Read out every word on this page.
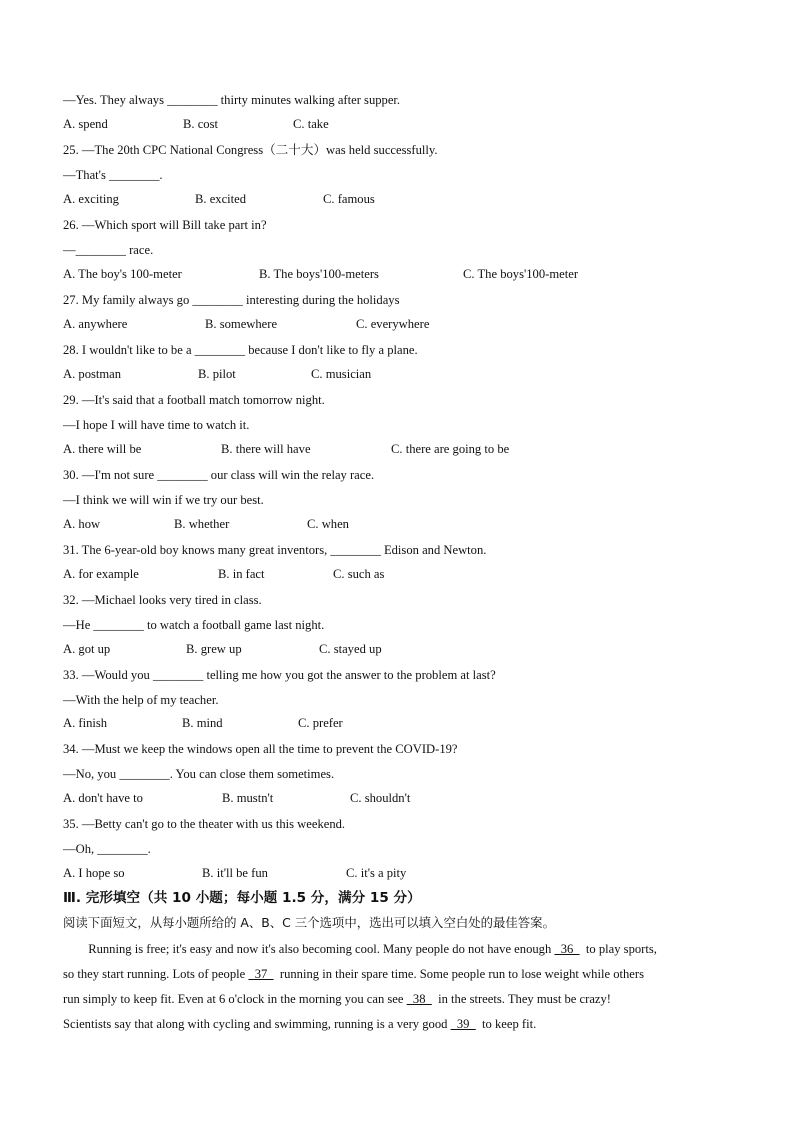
—Yes. They always ________ thirty minutes walking after supper.
A. spend	B. cost	C. take
25. —The 20th CPC National Congress（二十大）was held successfully.
—That's ________.
A. exciting	B. excited	C. famous
26. —Which sport will Bill take part in?
—________ race.
A. The boy's 100-meter	B. The boys'100-meters	C. The boys'100-meter
27. My family always go ________ interesting during the holidays
A. anywhere	B. somewhere	C. everywhere
28. I wouldn't like to be a ________ because I don't like to fly a plane.
A. postman	B. pilot	C. musician
29. —It's said that a football match tomorrow night.
—I hope I will have time to watch it.
A. there will be	B. there will have	C. there are going to be
30. —I'm not sure ________ our class will win the relay race.
—I think we will win if we try our best.
A. how	B. whether	C. when
31. The 6-year-old boy knows many great inventors, ________ Edison and Newton.
A. for example	B. in fact	C. such as
32. —Michael looks very tired in class.
—He ________ to watch a football game last night.
A. got up	B. grew up	C. stayed up
33. —Would you ________ telling me how you got the answer to the problem at last?
—With the help of my teacher.
A. finish	B. mind	C. prefer
34. —Must we keep the windows open all the time to prevent the COVID-19?
—No, you ________. You can close them sometimes.
A. don't have to	B. mustn't	C. shouldn't
35. —Betty can't go to the theater with us this weekend.
—Oh, ________.
A. I hope so	B. it'll be fun	C. it's a pity
Ⅲ. 完形填空（共 10 小题；每小题 1.5 分，满分 15 分）
阅读下面短文，从每小题所给的 A、B、C 三个选项中，选出可以填入空白处的最佳答案。
Running is free; it's easy and now it's also becoming cool. Many people do not have enough   36    to play sports,
so they start running. Lots of people   37    running in their spare time. Some people run to lose weight while others
run simply to keep fit. Even at 6 o'clock in the morning you can see   38    in the streets. They must be crazy!
Scientists say that along with cycling and swimming, running is a very good   39    to keep fit.
